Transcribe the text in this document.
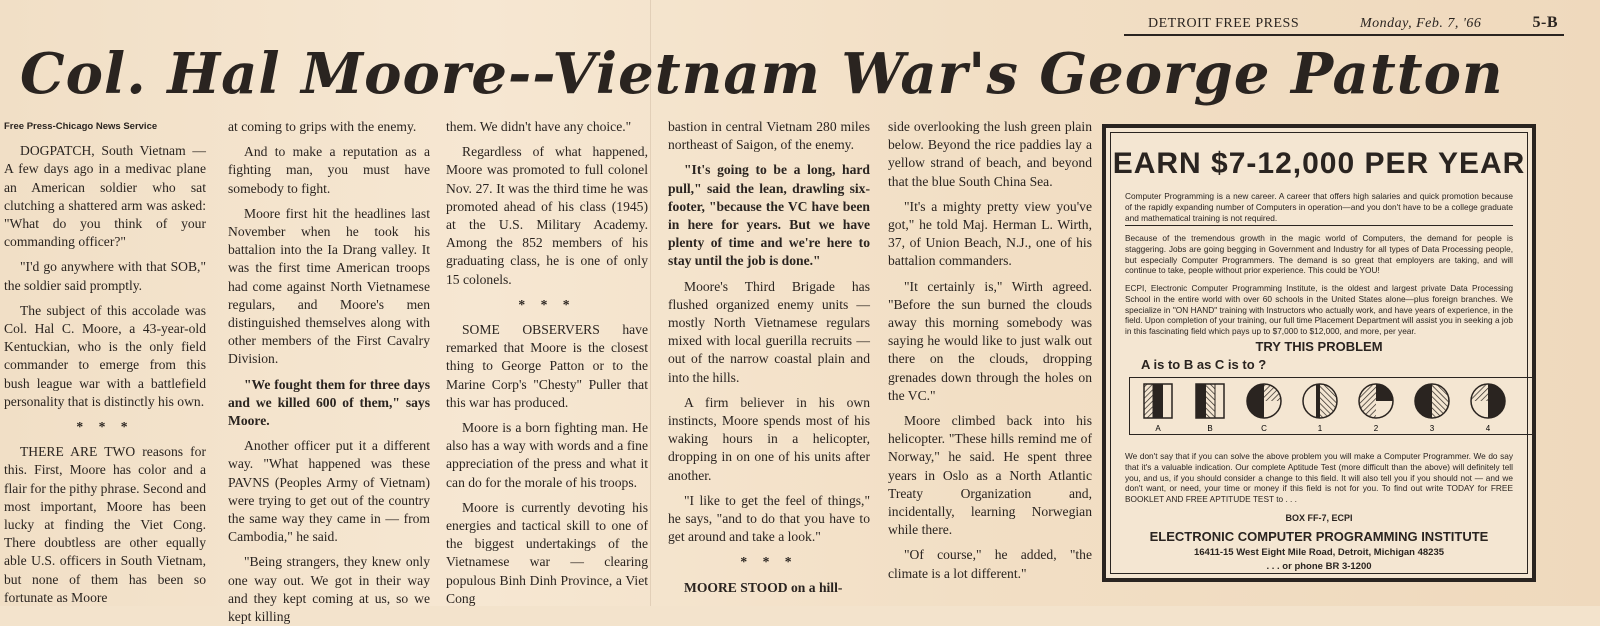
DETROIT FREE PRESS	Monday, Feb. 7, '66	5-B
Col. Hal Moore--Vietnam War's George Patton

Free Press-Chicago News Service

DOGPATCH, South Vietnam — A few days ago in a medivac plane an American soldier who sat clutching a shattered arm was asked: "What do you think of your commanding officer?"

"I'd go anywhere with that SOB," the soldier said promptly.

The subject of this accolade was Col. Hal C. Moore, a 43-year-old Kentuckian, who is the only field commander to emerge from this bush league war with a battlefield personality that is distinctly his own.

* * *

THERE ARE TWO reasons for this. First, Moore has color and a flair for the pithy phrase. Second and most important, Moore has been lucky at finding the Viet Cong. There doubtless are other equally able U.S. officers in South Vietnam, but none of them has been so fortunate as Moore

at coming to grips with the enemy.

And to make a reputation as a fighting man, you must have somebody to fight.

Moore first hit the headlines last November when he took his battalion into the Ia Drang valley. It was the first time American troops had come against North Vietnamese regulars, and Moore's men distinguished themselves along with other members of the First Cavalry Division.

"We fought them for three days and we killed 600 of them," says Moore.

Another officer put it a different way. "What happened was these PAVNS (Peoples Army of Vietnam) were trying to get out of the country the same way they came in — from Cambodia," he said.

"Being strangers, they knew only one way out. We got in their way and they kept coming at us, so we kept killing

them. We didn't have any choice."

Regardless of what happened, Moore was promoted to full colonel Nov. 27. It was the third time he was promoted ahead of his class (1945) at the U.S. Military Academy. Among the 852 members of his graduating class, he is one of only 15 colonels.

* * *

SOME OBSERVERS have remarked that Moore is the closest thing to George Patton or to the Marine Corp's "Chesty" Puller that this war has produced.

Moore is a born fighting man. He also has a way with words and a fine appreciation of the press and what it can do for the morale of his troops.

Moore is currently devoting his energies and tactical skill to one of the biggest undertakings of the Vietnamese war — clearing populous Binh Dinh Province, a Viet Cong

bastion in central Vietnam 280 miles northeast of Saigon, of the enemy.

"It's going to be a long, hard pull," said the lean, drawling six-footer, "because the VC have been in here for years. But we have plenty of time and we're here to stay until the job is done."

Moore's Third Brigade has flushed organized enemy units — mostly North Vietnamese regulars mixed with local guerilla recruits — out of the narrow coastal plain and into the hills.

A firm believer in his own instincts, Moore spends most of his waking hours in a helicopter, dropping in on one of his units after another.

"I like to get the feel of things," he says, "and to do that you have to get around and take a look."

* * *

MOORE STOOD on a hill-

side overlooking the lush green plain below. Beyond the rice paddies lay a yellow strand of beach, and beyond that the blue South China Sea.

"It's a mighty pretty view you've got," he told Maj. Herman L. Wirth, 37, of Union Beach, N.J., one of his battalion commanders.

"It certainly is," Wirth agreed. "Before the sun burned the clouds away this morning somebody was saying he would like to just walk out there on the clouds, dropping grenades down through the holes on the VC."

Moore climbed back into his helicopter. "These hills remind me of Norway," he said. He spent three years in Oslo as a North Atlantic Treaty Organization and, incidentally, learning Norwegian while there.

"Of course," he added, "the climate is a lot different."

EARN $7-12,000 PER YEAR
Computer Programming is a new career. A career that offers high salaries and quick promotion because of the rapidly expanding number of Computers in operation—and you don't have to be a college graduate and mathematical training is not required.
Because of the tremendous growth in the magic world of Computers, the demand for people is staggering. Jobs are going begging in Government and Industry for all types of Data Processing people, but especially Computer Programmers. The demand is so great that employers are taking, and will continue to take, people without prior experience. This could be YOU!
ECPI, Electronic Computer Programming Institute, is the oldest and largest private Data Processing School in the entire world with over 60 schools in the United States alone—plus foreign branches. We specialize in "ON HAND" training with Instructors who actually work, and have years of experience, in the field. Upon completion of your training, our full time Placement Department will assist you in seeking a job in this fascinating field which pays up to $7,000 to $12,000, and more, per year.
TRY THIS PROBLEM
A is to B as C is to ?
A	B	C	1	2	3	4
We don't say that if you can solve the above problem you will make a Computer Programmer. We do say that it's a valuable indication. Our complete Aptitude Test (more difficult than the above) will definitely tell you, and us, if you should consider a change to this field. It will also tell you if you should not — and we don't want, or need, your time or money if this field is not for you. To find out write TODAY for FREE BOOKLET AND FREE APTITUDE TEST to . . .
BOX FF-7, ECPI
ELECTRONIC COMPUTER PROGRAMMING INSTITUTE
16411-15 West Eight Mile Road, Detroit, Michigan 48235
. . . or phone BR 3-1200
